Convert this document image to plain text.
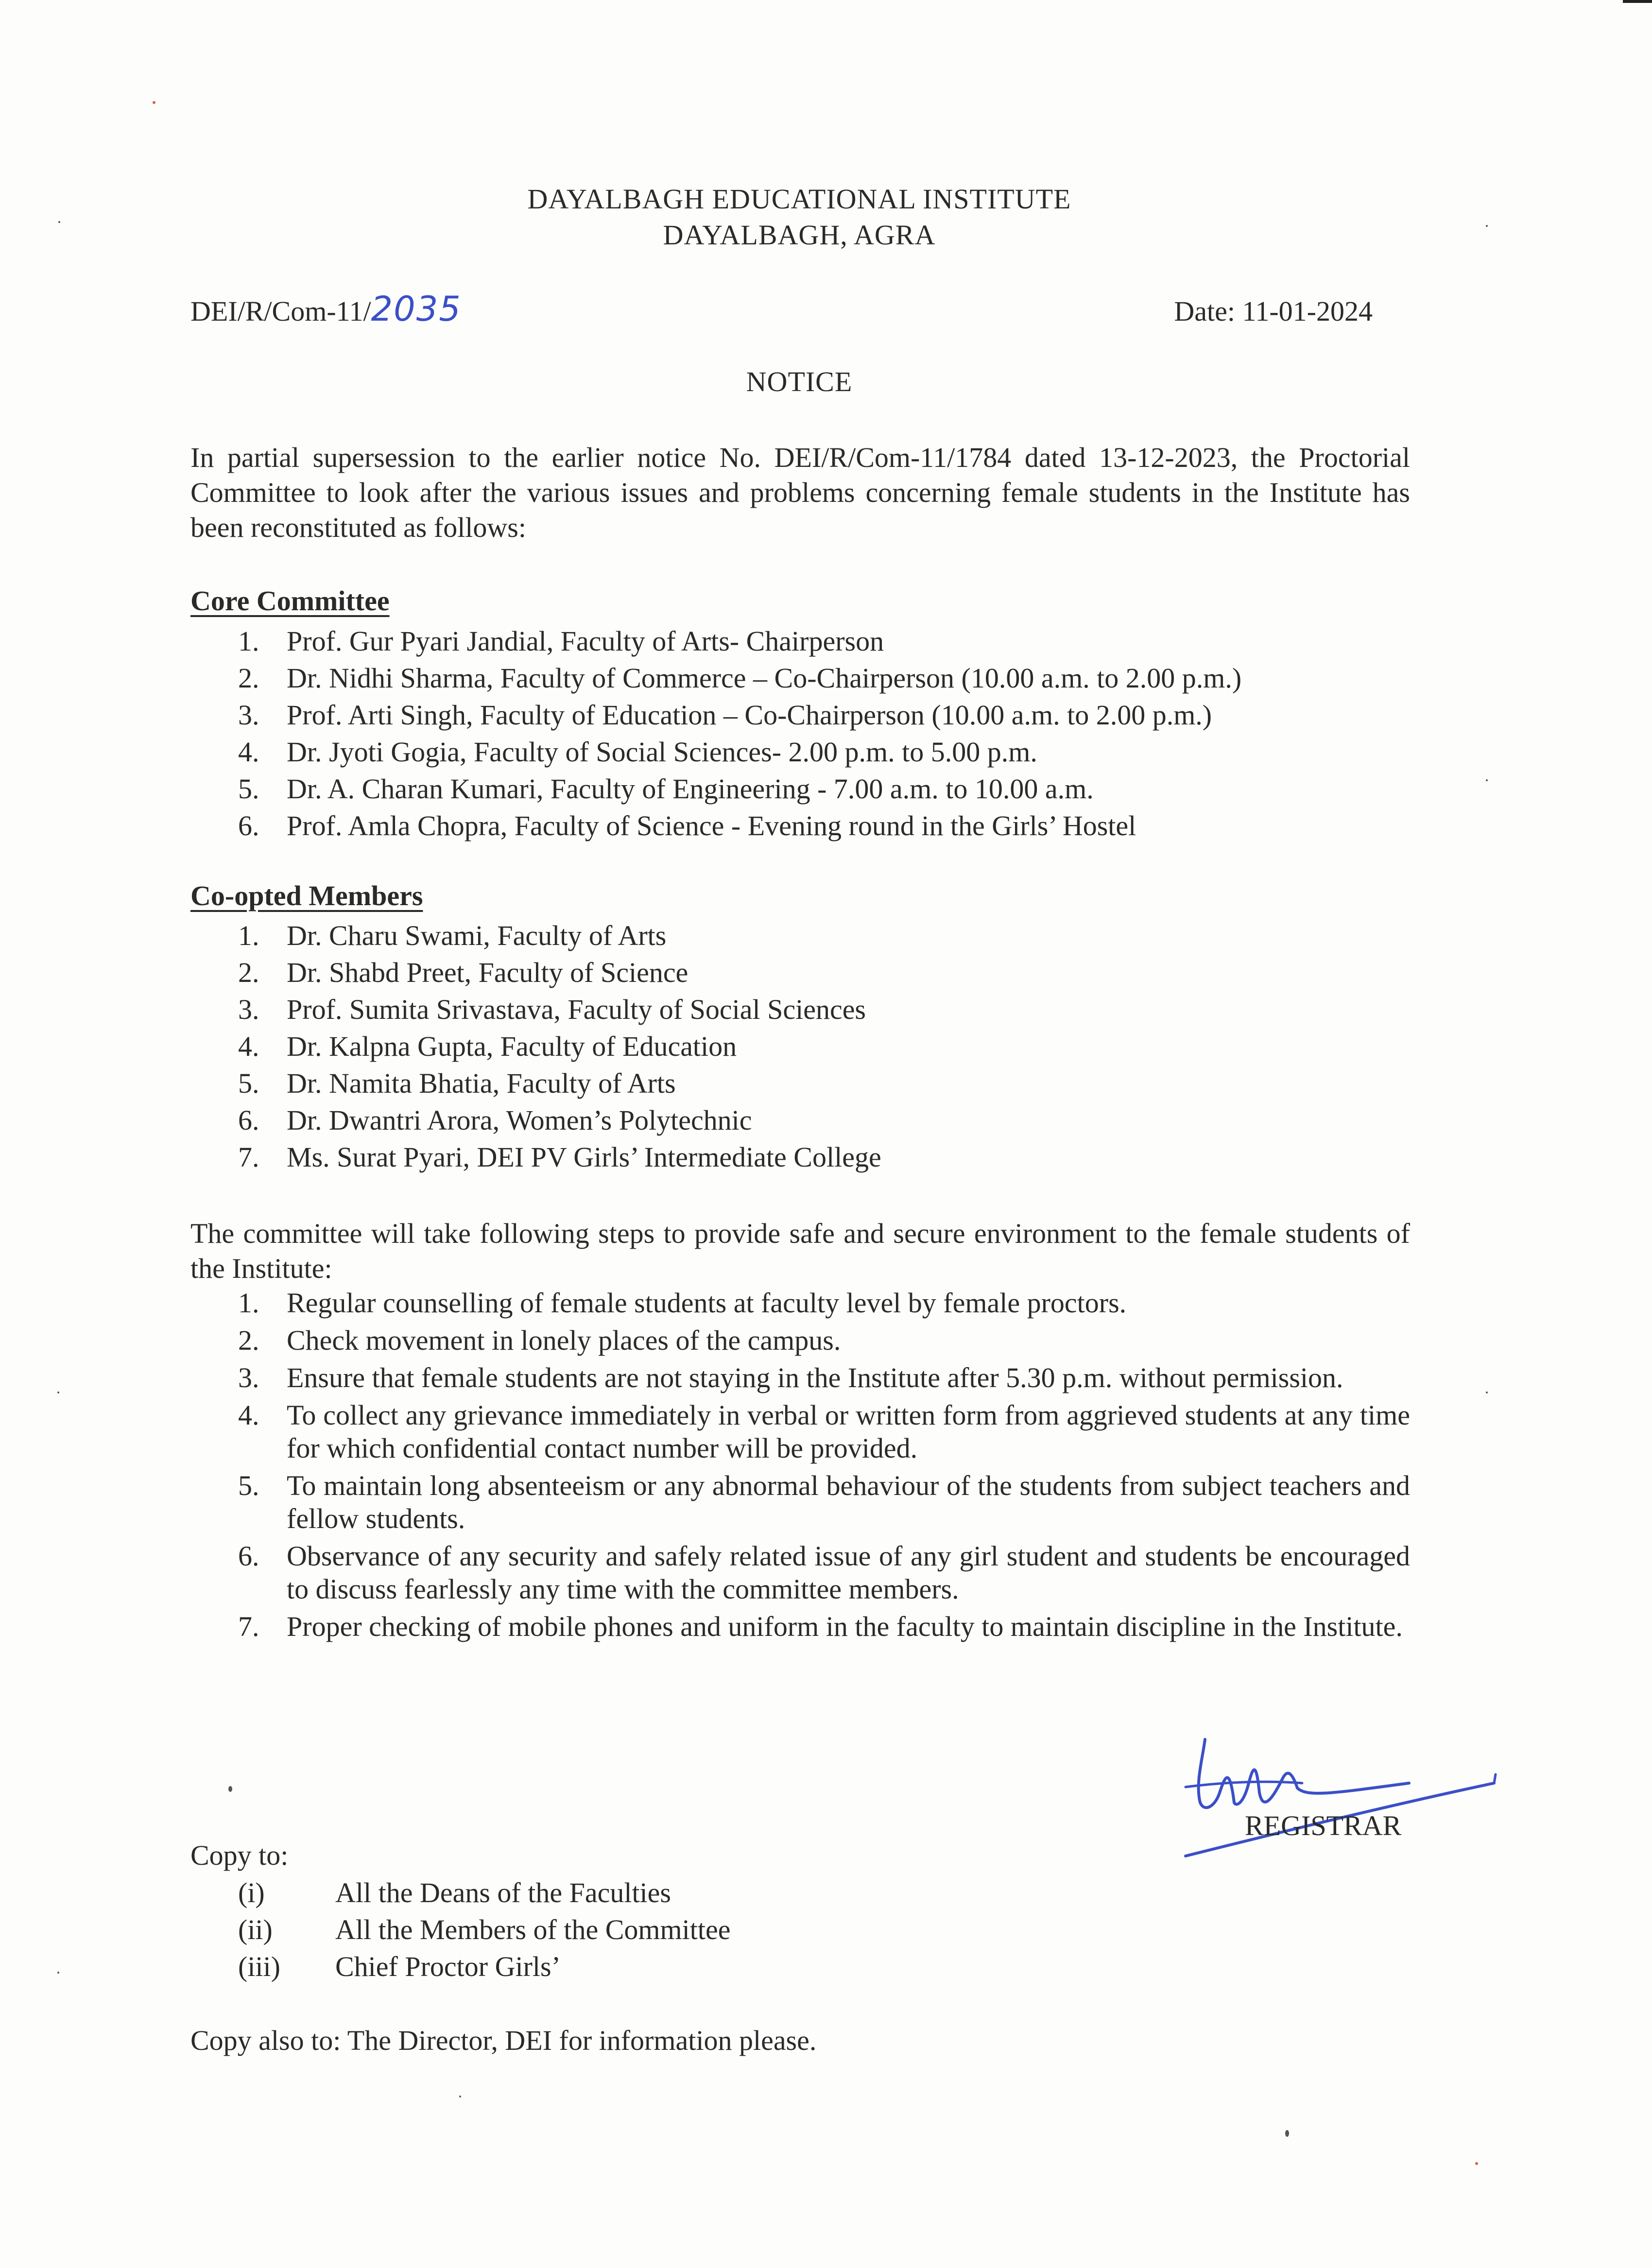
DAYALBAGH EDUCATIONAL INSTITUTE
DAYALBAGH, AGRA
DEI/R/Com-11/2035	Date: 11-01-2024
NOTICE
In partial supersession to the earlier notice No. DEI/R/Com-11/1784 dated 13-12-2023, the Proctorial Committee to look after the various issues and problems concerning female students in the Institute has been reconstituted as follows:
Core Committee
1. Prof. Gur Pyari Jandial, Faculty of Arts- Chairperson
2. Dr. Nidhi Sharma, Faculty of Commerce – Co-Chairperson (10.00 a.m. to 2.00 p.m.)
3. Prof. Arti Singh, Faculty of Education – Co-Chairperson (10.00 a.m. to 2.00 p.m.)
4. Dr. Jyoti Gogia, Faculty of Social Sciences- 2.00 p.m. to 5.00 p.m.
5. Dr. A. Charan Kumari, Faculty of Engineering - 7.00 a.m. to 10.00 a.m.
6. Prof. Amla Chopra, Faculty of Science - Evening round in the Girls’ Hostel
Co-opted Members
1. Dr. Charu Swami, Faculty of Arts
2. Dr. Shabd Preet, Faculty of Science
3. Prof. Sumita Srivastava, Faculty of Social Sciences
4. Dr. Kalpna Gupta, Faculty of Education
5. Dr. Namita Bhatia, Faculty of Arts
6. Dr. Dwantri Arora, Women’s Polytechnic
7. Ms. Surat Pyari, DEI PV Girls’ Intermediate College
The committee will take following steps to provide safe and secure environment to the female students of the Institute:
1. Regular counselling of female students at faculty level by female proctors.
2. Check movement in lonely places of the campus.
3. Ensure that female students are not staying in the Institute after 5.30 p.m. without permission.
4. To collect any grievance immediately in verbal or written form from aggrieved students at any time for which confidential contact number will be provided.
5. To maintain long absenteeism or any abnormal behaviour of the students from subject teachers and fellow students.
6. Observance of any security and safely related issue of any girl student and students be encouraged to discuss fearlessly any time with the committee members.
7. Proper checking of mobile phones and uniform in the faculty to maintain discipline in the Institute.
REGISTRAR
Copy to:
(i)	All the Deans of the Faculties
(ii)	All the Members of the Committee
(iii)	Chief Proctor Girls’
Copy also to: The Director, DEI for information please.
